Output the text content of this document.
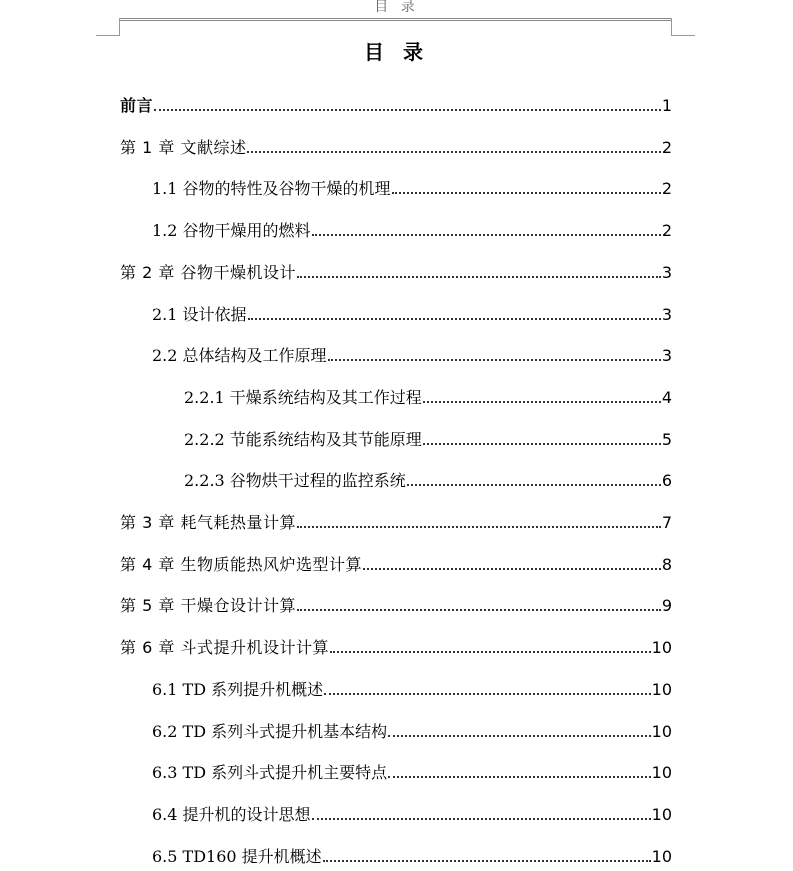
目 录
目 录
前言	1
第 1 章 文献综述	2
1.1 谷物的特性及谷物干燥的机理	2
1.2 谷物干燥用的燃料	2
第 2 章 谷物干燥机设计	3
2.1 设计依据	3
2.2 总体结构及工作原理	3
2.2.1 干燥系统结构及其工作过程	4
2.2.2 节能系统结构及其节能原理	5
2.2.3 谷物烘干过程的监控系统	6
第 3 章 耗气耗热量计算	7
第 4 章 生物质能热风炉选型计算	8
第 5 章 干燥仓设计计算	9
第 6 章 斗式提升机设计计算	10
6.1 TD 系列提升机概述	10
6.2 TD 系列斗式提升机基本结构	10
6.3 TD 系列斗式提升机主要特点	10
6.4 提升机的设计思想	10
6.5 TD160 提升机概述	10
